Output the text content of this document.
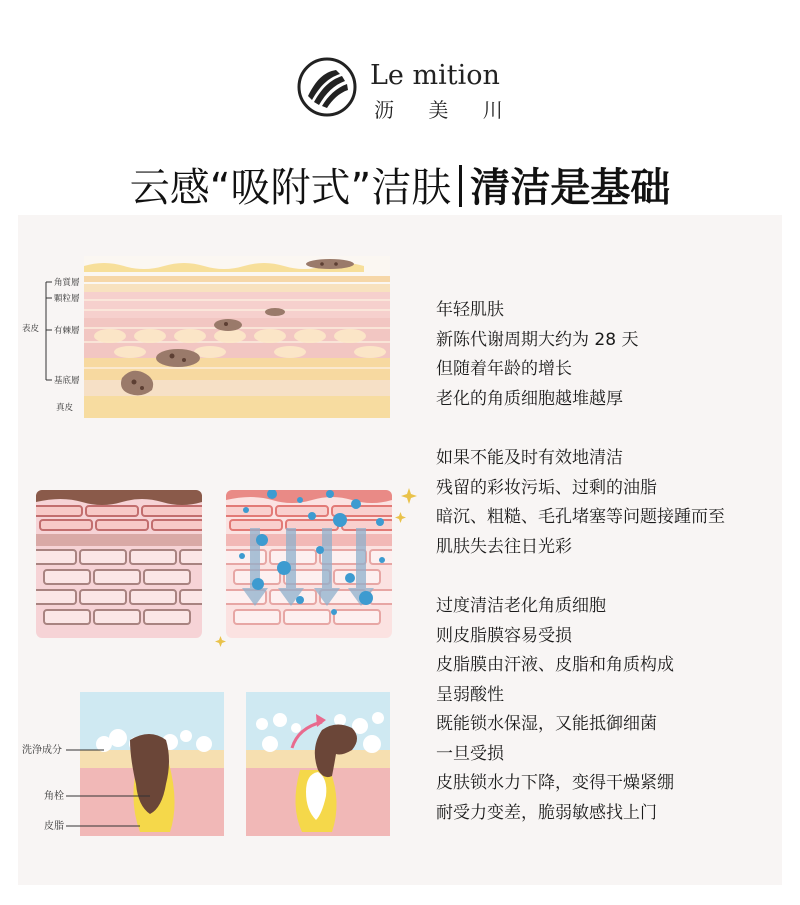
Le mition
沥 美 川
云感“吸附式”洁肤 清洁是基础
表皮
角質層
顆粒層
有棘層
基底層
真皮
洗浄成分
角栓
皮脂
年轻肌肤
新陈代谢周期大约为 28 天
但随着年龄的增长
老化的角质细胞越堆越厚
如果不能及时有效地清洁
残留的彩妆污垢、过剩的油脂
暗沉、粗糙、毛孔堵塞等问题接踵而至
肌肤失去往日光彩
过度清洁老化角质细胞
则皮脂膜容易受损
皮脂膜由汗液、皮脂和角质构成
呈弱酸性
既能锁水保湿，又能抵御细菌
一旦受损
皮肤锁水力下降，变得干燥紧绷
耐受力变差，脆弱敏感找上门
